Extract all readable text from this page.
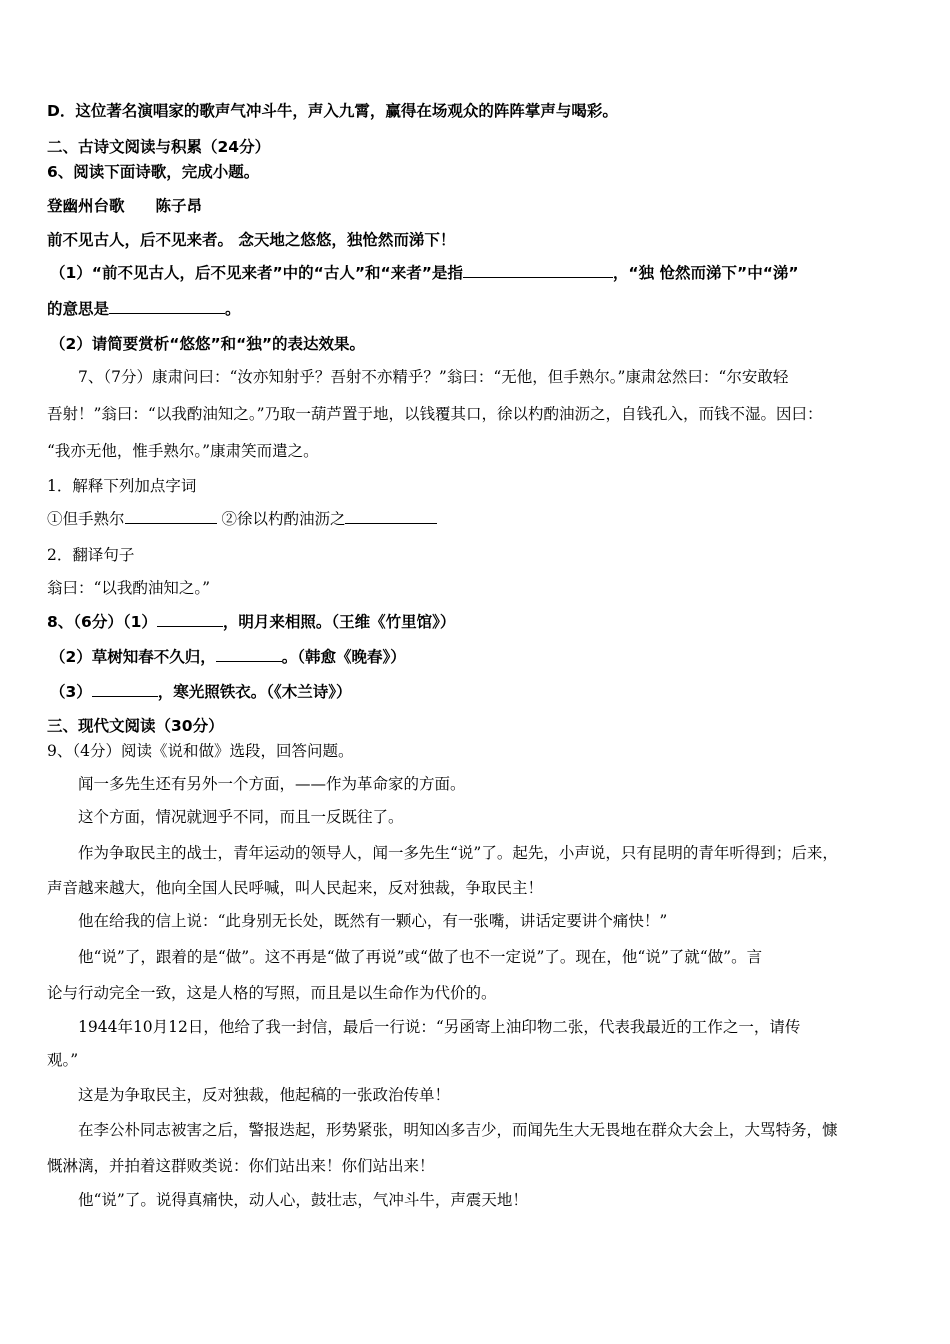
D．这位著名演唱家的歌声气冲斗牛，声入九霄，赢得在场观众的阵阵掌声与喝彩。
二、古诗文阅读与积累（24分）
6、阅读下面诗歌，完成小题。
登幽州台歌　　陈子昂
前不见古人，后不见来者。 念天地之悠悠，独怆然而涕下！
（1）“前不见古人，后不见来者”中的“古人”和“来者”是指	，“独 怆然而涕下”中“涕”
的意思是	。
（2）请简要赏析“悠悠”和“独”的表达效果。
7、（7分）康肃问曰：“汝亦知射乎？吾射不亦精乎？”翁曰：“无他，但手熟尔。”康肃忿然曰：“尔安敢轻
吾射！”翁曰：“以我酌油知之。”乃取一葫芦置于地，以钱覆其口，徐以杓酌油沥之，自钱孔入，而钱不湿。因曰：
“我亦无他，惟手熟尔。”康肃笑而遣之。
1．解释下列加点字词
①但手熟尔	②徐以杓酌油沥之
2．翻译句子
翁曰：“以我酌油知之。”
8、（6分）（1）	，明月来相照。（王维《竹里馆》）
（2）草树知春不久归，	。（韩愈《晚春》）
（3）	，寒光照铁衣。（《木兰诗》）
三、现代文阅读（30分）
9、（4分）阅读《说和做》选段，回答问题。
闻一多先生还有另外一个方面，——作为革命家的方面。
这个方面，情况就迥乎不同，而且一反既往了。
作为争取民主的战士，青年运动的领导人，闻一多先生“说”了。起先，小声说，只有昆明的青年听得到；后来，
声音越来越大，他向全国人民呼喊，叫人民起来，反对独裁，争取民主！
他在给我的信上说：“此身别无长处，既然有一颗心，有一张嘴，讲话定要讲个痛快！”
他“说”了，跟着的是“做”。这不再是“做了再说”或“做了也不一定说”了。现在，他“说”了就“做”。言
论与行动完全一致，这是人格的写照，而且是以生命作为代价的。
1944年10月12日，他给了我一封信，最后一行说：“另函寄上油印物二张，代表我最近的工作之一，请传
观。”
这是为争取民主，反对独裁，他起稿的一张政治传单！
在李公朴同志被害之后，警报迭起，形势紧张，明知凶多吉少，而闻先生大无畏地在群众大会上，大骂特务，慷
慨淋漓，并拍着这群败类说：你们站出来！你们站出来！
他“说”了。说得真痛快，动人心，鼓壮志，气冲斗牛，声震天地！
